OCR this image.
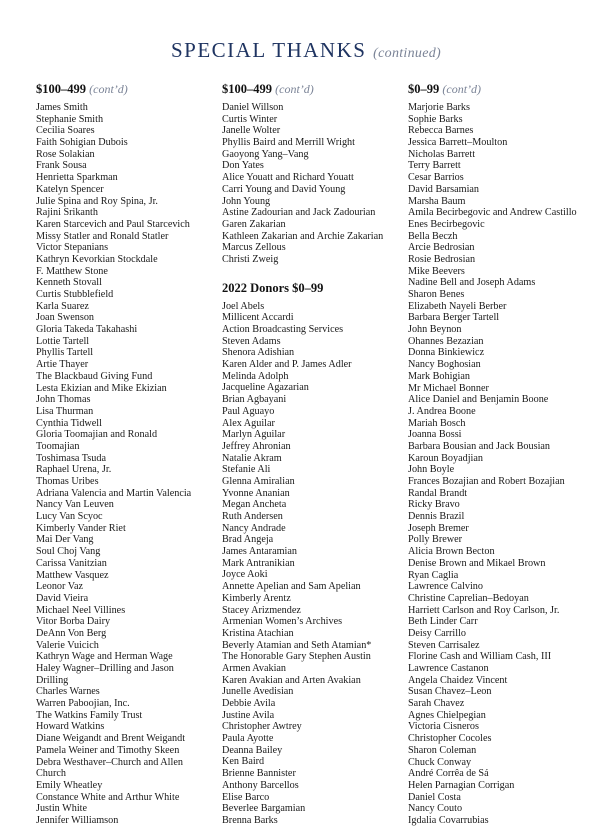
SPECIAL THANKS (continued)
$100–499 (cont’d)
James Smith
Stephanie Smith
Cecilia Soares
Faith Sohigian Dubois
Rose Solakian
Frank Sousa
Henrietta Sparkman
Katelyn Spencer
Julie Spina and Roy Spina, Jr.
Rajini Srikanth
Karen Starcevich and Paul Starcevich
Missy Statler and Ronald Statler
Victor Stepanians
Kathryn Kevorkian Stockdale
F. Matthew Stone
Kenneth Stovall
Curtis Stubblefield
Karla Suarez
Joan Swenson
Gloria Takeda Takahashi
Lottie Tartell
Phyllis Tartell
Artie Thayer
The Blackbaud Giving Fund
Lesta Ekizian and Mike Ekizian
John Thomas
Lisa Thurman
Cynthia Tidwell
Gloria Toomajian and Ronald
Toomajian
Toshimasa Tsuda
Raphael Urena, Jr.
Thomas Uribes
Adriana Valencia and Martin Valencia
Nancy Van Leuven
Lucy Van Scyoc
Kimberly Vander Riet
Mai Der Vang
Soul Choj Vang
Carissa Vanitzian
Matthew Vasquez
Leonor Vaz
David Vieira
Michael Neel Villines
Vitor Borba Dairy
DeAnn Von Berg
Valerie Vuicich
Kathryn Wage and Herman Wage
Haley Wagner–Drilling and Jason
Drilling
Charles Warnes
Warren Paboojian, Inc.
The Watkins Family Trust
Howard Watkins
Diane Weigandt and Brent Weigandt
Pamela Weiner and Timothy Skeen
Debra Westhaver–Church and Allen
Church
Emily Wheatley
Constance White and Arthur White
Justin White
Jennifer Williamson
$100–499 (cont’d)
Daniel Willson
Curtis Winter
Janelle Wolter
Phyllis Baird and Merrill Wright
Gaoyong Yang–Vang
Don Yates
Alice Youatt and Richard Youatt
Carri Young and David Young
John Young
Astine Zadourian and Jack Zadourian
Garen Zakarian
Kathleen Zakarian and Archie Zakarian
Marcus Zellous
Christi Zweig
2022 Donors $0–99
Joel Abels
Millicent Accardi
Action Broadcasting Services
Steven Adams
Shenora Adishian
Karen Alder and P. James Adler
Melinda Adolph
Jacqueline Agazarian
Brian Agbayani
Paul Aguayo
Alex Aguilar
Marlyn Aguilar
Jeffrey Ahronian
Natalie Akram
Stefanie Ali
Glenna Amiralian
Yvonne Ananian
Megan Ancheta
Ruth Andersen
Nancy Andrade
Brad Angeja
James Antaramian
Mark Antranikian
Joyce Aoki
Annette Apelian and Sam Apelian
Kimberly Arentz
Stacey Arizmendez
Armenian Women’s Archives
Kristina Atachian
Beverly Atamian and Seth Atamian*
The Honorable Gary Stephen Austin
Armen Avakian
Karen Avakian and Arten Avakian
Junelle Avedisian
Debbie Avila
Justine Avila
Christopher Awtrey
Paula Ayotte
Deanna Bailey
Ken Baird
Brienne Bannister
Anthony Barcellos
Elise Barco
Beverlee Bargamian
Brenna Barks
$0–99 (cont’d)
Marjorie Barks
Sophie Barks
Rebecca Barnes
Jessica Barrett–Moulton
Nicholas Barrett
Terry Barrett
Cesar Barrios
David Barsamian
Marsha Baum
Amila Becirbegovic and Andrew Castillo
Enes Becirbegovic
Bella Beczh
Arcie Bedrosian
Rosie Bedrosian
Mike Beevers
Nadine Bell and Joseph Adams
Sharon Benes
Elizabeth Nayeli Berber
Barbara Berger Tartell
John Beynon
Ohannes Bezazian
Donna Binkiewicz
Nancy Boghosian
Mark Bohigian
Mr Michael Bonner
Alice Daniel and Benjamin Boone
J. Andrea Boone
Mariah Bosch
Joanna Bossi
Barbara Bousian and Jack Bousian
Karoun Boyadjian
John Boyle
Frances Bozajian and Robert Bozajian
Randal Brandt
Ricky Bravo
Dennis Brazil
Joseph Bremer
Polly Brewer
Alicia Brown Becton
Denise Brown and Mikael Brown
Ryan Caglia
Lawrence Calvino
Christine Caprelian–Bedoyan
Harriett Carlson and Roy Carlson, Jr.
Beth Linder Carr
Deisy Carrillo
Steven Carrisalez
Florine Cash and William Cash, III
Lawrence Castanon
Angela Chaidez Vincent
Susan Chavez–Leon
Sarah Chavez
Agnes Chielpegian
Victoria Cisneros
Christopher Cocoles
Sharon Coleman
Chuck Conway
André Corrêa de Sá
Helen Parnagian Corrigan
Daniel Costa
Nancy Couto
Igdalia Covarrubias
